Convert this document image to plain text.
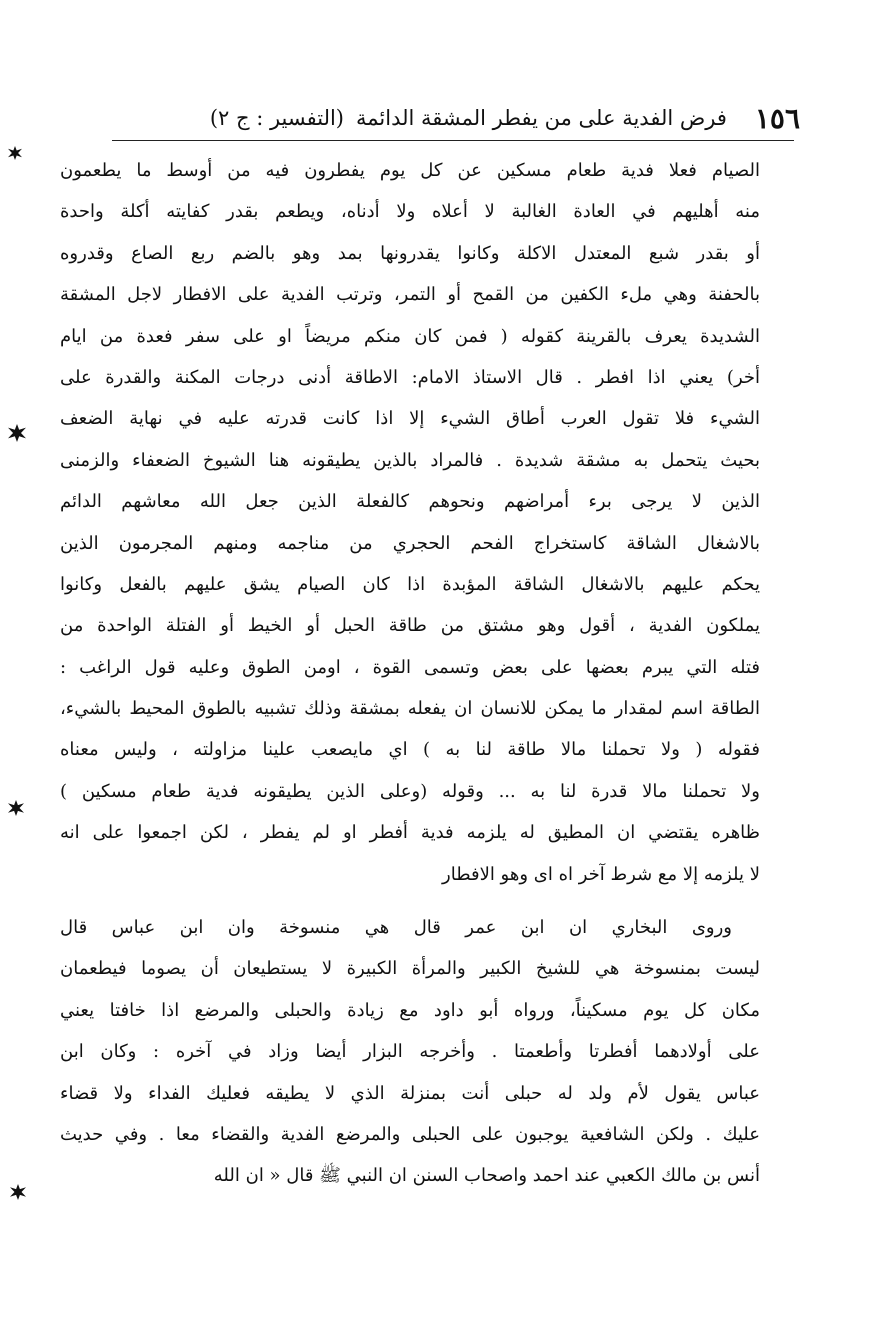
١٥٦
فرض الفدية على من يفطر المشقة الدائمة
(التفسير : ج ٢)
الصيام فعلا فدية طعام مسكين عن كل يوم يفطرون فيه من أوسط ما يطعمون
منه أهليهم في العادة الغالبة لا أعلاه ولا أدناه، ويطعم بقدر كفايته أكلة واحدة
أو بقدر شبع المعتدل الاكلة وكانوا يقدرونها بمد وهو بالضم ربع الصاع وقدروه
بالحفنة وهي ملء الكفين من القمح أو التمر، وترتب الفدية على الافطار لاجل المشقة
الشديدة يعرف بالقرينة كقوله ( فمن كان منكم مريضاً او على سفر فعدة من ايام
أخر) يعني اذا افطر . قال الاستاذ الامام: الاطاقة أدنى درجات المكنة والقدرة على
الشيء فلا تقول العرب أطاق الشيء إلا اذا كانت قدرته عليه في نهاية الضعف
بحيث يتحمل به مشقة شديدة . فالمراد بالذين يطيقونه هنا الشيوخ الضعفاء والزمنى
الذين لا يرجى برء أمراضهم ونحوهم كالفعلة الذين جعل الله معاشهم الدائم
بالاشغال الشاقة كاستخراج الفحم الحجري من مناجمه ومنهم المجرمون الذين
يحكم عليهم بالاشغال الشاقة المؤبدة اذا كان الصيام يشق عليهم بالفعل وكانوا
يملكون الفدية ، أقول وهو مشتق من طاقة الحبل أو الخيط أو الفتلة الواحدة من
فتله التي يبرم بعضها على بعض وتسمى القوة ، اومن الطوق وعليه قول الراغب :
الطاقة اسم لمقدار ما يمكن للانسان ان يفعله بمشقة وذلك تشبيه بالطوق المحيط بالشيء،
فقوله ( ولا تحملنا مالا طاقة لنا به ) اي مايصعب علينا مزاولته ، وليس معناه
ولا تحملنا مالا قدرة لنا به ... وقوله (وعلى الذين يطيقونه فدية طعام مسكين )
ظاهره يقتضي ان المطيق له يلزمه فدية أفطر او لم يفطر ، لكن اجمعوا على انه
لا يلزمه إلا مع شرط آخر اه اى وهو الافطار
وروى البخاري ان ابن عمر قال هي منسوخة وان ابن عباس قال
ليست بمنسوخة هي للشيخ الكبير والمرأة الكبيرة لا يستطيعان أن يصوما فيطعمان
مكان كل يوم مسكيناً، ورواه أبو داود مع زيادة والحبلى والمرضع اذا خافتا يعني
على أولادهما أفطرتا وأطعمتا . وأخرجه البزار أيضا وزاد في آخره : وكان ابن
عباس يقول لأم ولد له حبلى أنت بمنزلة الذي لا يطيقه فعليك الفداء ولا قضاء
عليك . ولكن الشافعية يوجبون على الحبلى والمرضع الفدية والقضاء معا . وفي حديث
أنس بن مالك الكعبي عند احمد واصحاب السنن ان النبي ﷺ قال « ان الله
